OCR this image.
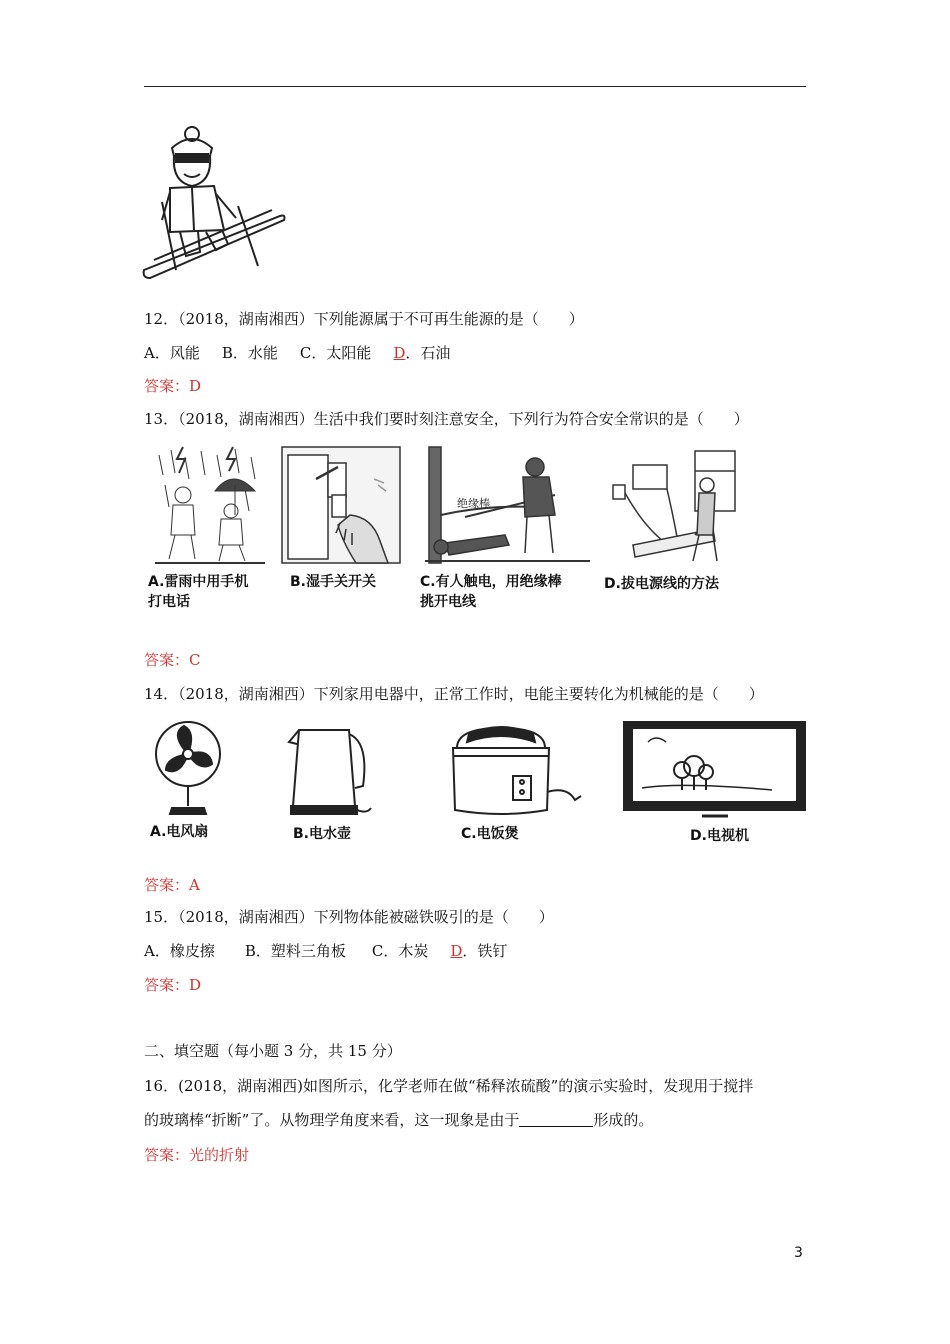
12．（2018，湖南湘西）下列能源属于不可再生能源的是（　　）
A．风能 B．水能 C．太阳能 D．石油
答案：D
13．（2018，湖南湘西）生活中我们要时刻注意安全，下列行为符合安全常识的是（　　）
绝缘棒
A.雷雨中用手机
打电话
B.湿手关开关	C.有人触电，用绝缘棒
挑开电线
D.拔电源线的方法
答案：C
14．（2018，湖南湘西）下列家用电器中，正常工作时，电能主要转化为机械能的是（　　）
A.电风扇	B.电水壶	C.电饭煲	D.电视机
答案：A
15．（2018，湖南湘西）下列物体能被磁铁吸引的是（　　）
A．橡皮擦 B．塑料三角板 C．木炭 D．铁钉
答案：D
二、填空题（每小题 3 分，共 15 分）
16．(2018，湖南湘西)如图所示，化学老师在做“稀释浓硫酸”的演示实验时，发现用于搅拌
的玻璃棒“折断”了。从物理学角度来看，这一现象是由于	形成的。
答案：光的折射
3
